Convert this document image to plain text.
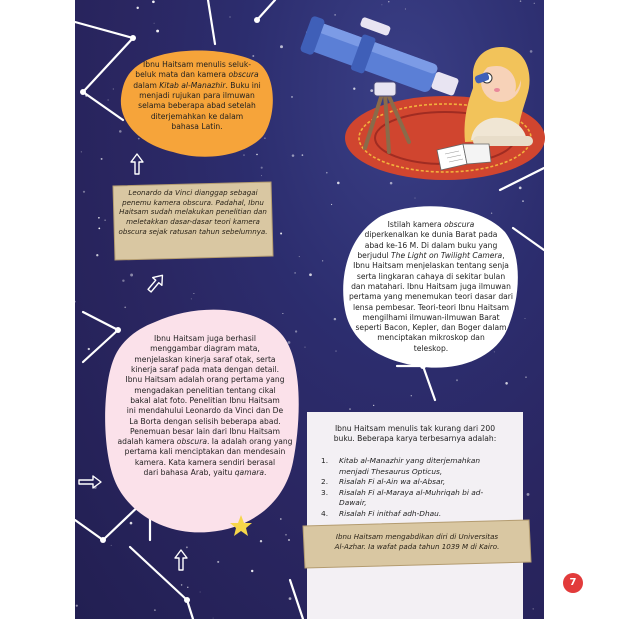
Ibnu Haitsam menulis seluk-
beluk mata dan kamera obscura
dalam Kitab al-Manazhir. Buku ini
menjadi rujukan para ilmuwan
selama beberapa abad setelah
diterjemahkan ke dalam
bahasa Latin.
Leonardo da Vinci dianggap sebagai
penemu kamera obscura. Padahal, Ibnu
Haitsam sudah melakukan penelitian dan
meletakkan dasar-dasar teori kamera
obscura sejak ratusan tahun sebelumnya.
Istilah kamera obscura
diperkenalkan ke dunia Barat pada
abad ke-16 M. Di dalam buku yang
berjudul The Light on Twilight Camera,
Ibnu Haitsam menjelaskan tentang senja
serta lingkaran cahaya di sekitar bulan
dan matahari. Ibnu Haitsam juga ilmuwan
pertama yang menemukan teori dasar dari
lensa pembesar. Teori-teori Ibnu Haitsam
mengilhami ilmuwan-ilmuwan Barat
seperti Bacon, Kepler, dan Boger dalam
menciptakan mikroskop dan
teleskop.
Ibnu Haitsam juga berhasil
menggambar diagram mata,
menjelaskan kinerja saraf otak, serta
kinerja saraf pada mata dengan detail.
Ibnu Haitsam adalah orang pertama yang
mengadakan penelitian tentang cikal
bakal alat foto. Penelitian Ibnu Haitsam
ini mendahului Leonardo da Vinci dan De
La Borta dengan selisih beberapa abad.
Penemuan besar lain dari Ibnu Haitsam
adalah kamera obscura. Ia adalah orang yang
pertama kali menciptakan dan mendesain
kamera. Kata kamera sendiri berasal
dari bahasa Arab, yaitu qamara.
Ibnu Haitsam menulis tak kurang dari 200
buku. Beberapa karya terbesarnya adalah:
1.	Kitab al-Manazhir yang diterjemahkan
menjadi Thesaurus Opticus,
2.	Risalah Fi al-Ain wa al-Absar,
3.	Risalah Fi al-Maraya al-Muhriqah bi ad-
Dawair,
4.	Risalah Fi inithaf adh-Dhau.
Ibnu Haitsam mengabdikan diri di Universitas
Al-Azhar. Ia wafat pada tahun 1039 M di Kairo.
7
